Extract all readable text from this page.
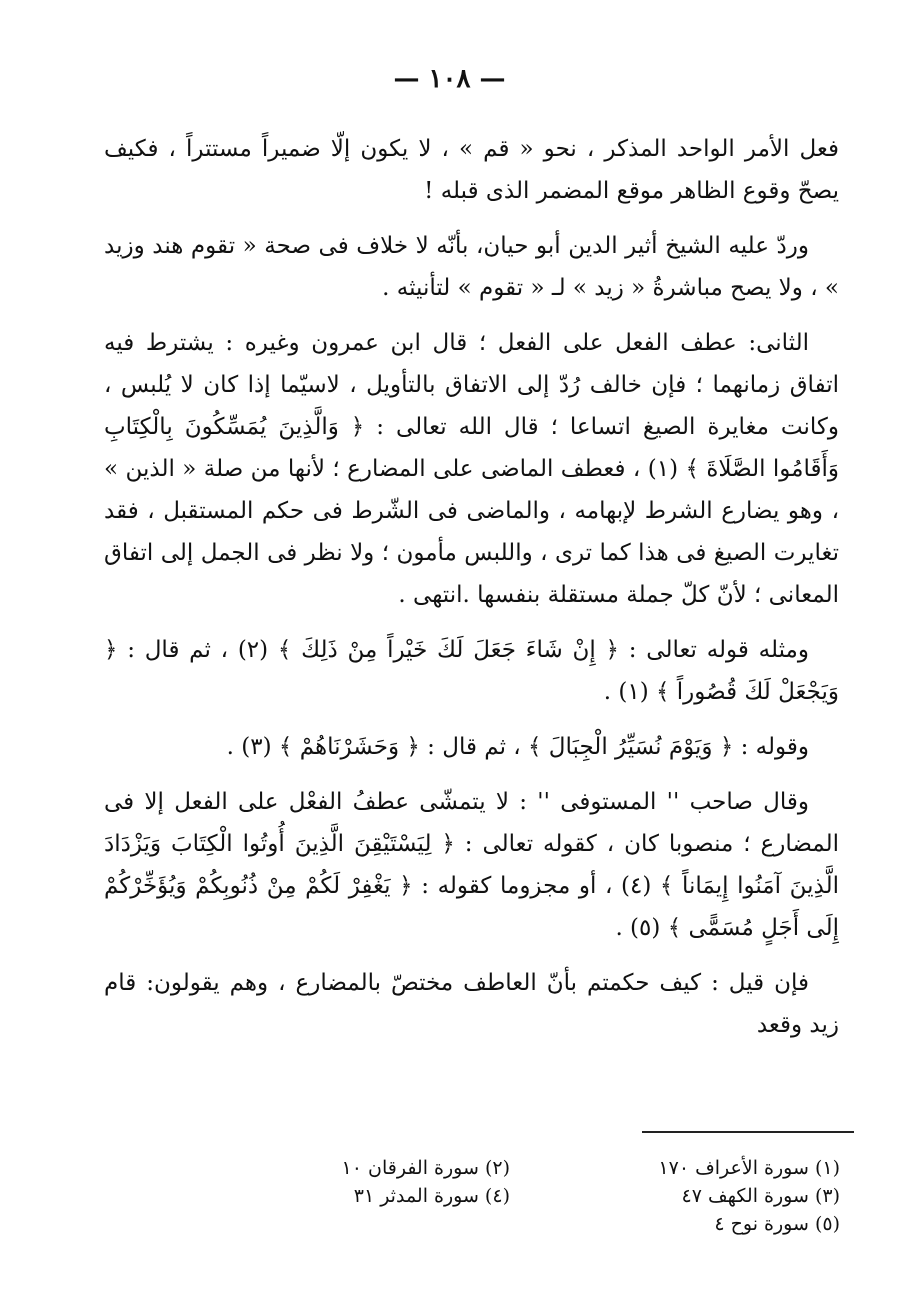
— ١٠٨ —

فعل الأمر الواحد المذكر ، نحو « قم » ، لا يكون إلّا ضميراً مستتراً ، فكيف يصحّ وقوع الظاهر موقع المضمر الذى قبله !

وردّ عليه الشيخ أثير الدين أبو حيان، بأنّه لا خلاف فى صحة « تقوم هند وزيد » ، ولا يصح مباشرةُ « زيد » لـ « تقوم » لتأنيثه .

الثانى: عطف الفعل على الفعل ؛ قال ابن عمرون وغيره : يشترط فيه اتفاق زمانهما ؛ فإن خالف رُدّ إلى الاتفاق بالتأويل ، لاسيّما إذا كان لا يُلبس ، وكانت مغايرة الصيغ اتساعا ؛ قال الله تعالى : ﴿ وَالَّذِينَ يُمَسِّكُونَ بِالْكِتَابِ وَأَقَامُوا الصَّلَاةَ ﴾ (١) ، فعطف الماضى على المضارع ؛ لأنها من صلة « الذين » ، وهو يضارع الشرط لإبهامه ، والماضى فى الشّرط فى حكم المستقبل ، فقد تغايرت الصيغ فى هذا كما ترى ، واللبس مأمون ؛ ولا نظر فى الجمل إلى اتفاق المعانى ؛ لأنّ كلّ جملة مستقلة بنفسها .انتهى .

ومثله قوله تعالى : ﴿ إِنْ شَاءَ جَعَلَ لَكَ خَيْراً مِنْ ذَلِكَ ﴾ (٢) ، ثم قال : ﴿ وَيَجْعَلْ لَكَ قُصُوراً ﴾ (١) .

وقوله : ﴿ وَيَوْمَ نُسَيِّرُ الْجِبَالَ ﴾ ، ثم قال : ﴿ وَحَشَرْنَاهُمْ ﴾ (٣) .

وقال صاحب '' المستوفى '' : لا يتمشّى عطفُ الفعْل على الفعل إلا فى المضارع ؛ منصوبا كان ، كقوله تعالى : ﴿ لِيَسْتَيْقِنَ الَّذِينَ أُوتُوا الْكِتَابَ وَيَزْدَادَ الَّذِينَ آمَنُوا إِيمَاناً ﴾ (٤) ، أو مجزوما كقوله : ﴿ يَغْفِرْ لَكُمْ مِنْ ذُنُوبِكُمْ وَيُؤَخِّرْكُمْ إِلَى أَجَلٍ مُسَمًّى ﴾ (٥) .

فإن قيل : كيف حكمتم بأنّ العاطف مختصّ بالمضارع ، وهم يقولون: قام زيد وقعد

(١) سورة الأعراف ١٧٠
(٢) سورة الفرقان ١٠
(٣) سورة الكهف ٤٧
(٤) سورة المدثر ٣١
(٥) سورة نوح ٤
